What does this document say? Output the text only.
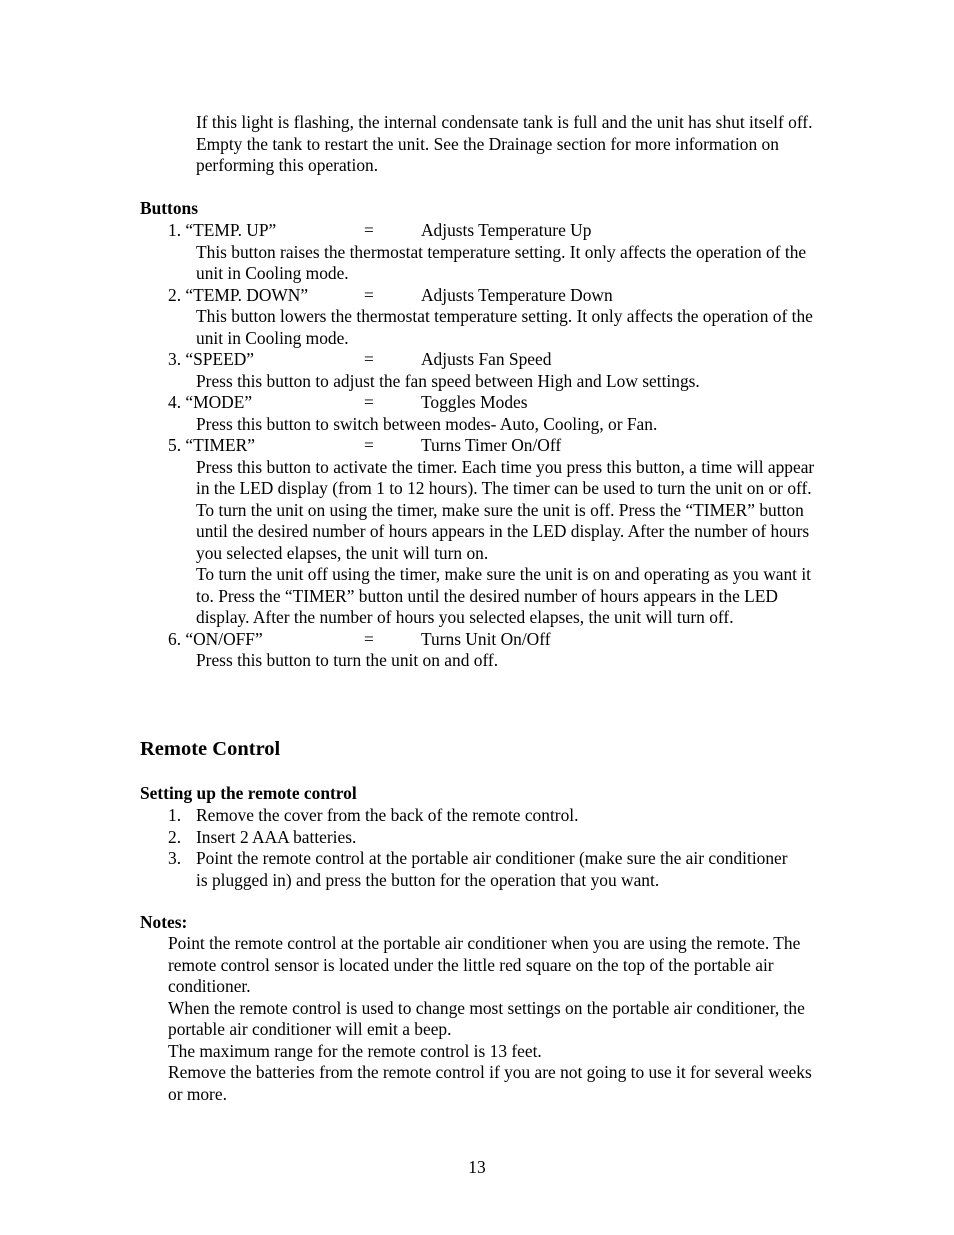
If this light is flashing, the internal condensate tank is full and the unit has shut itself off. Empty the tank to restart the unit. See the Drainage section for more information on performing this operation.

Buttons
1. “TEMP. UP”	=	Adjusts Temperature Up

This button raises the thermostat temperature setting. It only affects the operation of the unit in Cooling mode.

2. “TEMP. DOWN”	=	Adjusts Temperature Down

This button lowers the thermostat temperature setting. It only affects the operation of the unit in Cooling mode.

3. “SPEED”	=	Adjusts Fan Speed

Press this button to adjust the fan speed between High and Low settings.

4. “MODE”	=	Toggles Modes

Press this button to switch between modes- Auto, Cooling, or Fan.

5. “TIMER”	=	Turns Timer On/Off

Press this button to activate the timer. Each time you press this button, a time will appear in the LED display (from 1 to 12 hours). The timer can be used to turn the unit on or off.

To turn the unit on using the timer, make sure the unit is off. Press the “TIMER” button until the desired number of hours appears in the LED display. After the number of hours you selected elapses, the unit will turn on.

To turn the unit off using the timer, make sure the unit is on and operating as you want it to. Press the “TIMER” button until the desired number of hours appears in the LED display. After the number of hours you selected elapses, the unit will turn off.

6. “ON/OFF”	=	Turns Unit On/Off

Press this button to turn the unit on and off.

Remote Control
Setting up the remote control
1. Remove the cover from the back of the remote control.

2. Insert 2 AAA batteries.

3. Point the remote control at the portable air conditioner (make sure the air conditioner is plugged in) and press the button for the operation that you want.

Notes:

Point the remote control at the portable air conditioner when you are using the remote. The remote control sensor is located under the little red square on the top of the portable air conditioner.

When the remote control is used to change most settings on the portable air conditioner, the portable air conditioner will emit a beep.

The maximum range for the remote control is 13 feet.

Remove the batteries from the remote control if you are not going to use it for several weeks or more.

13
